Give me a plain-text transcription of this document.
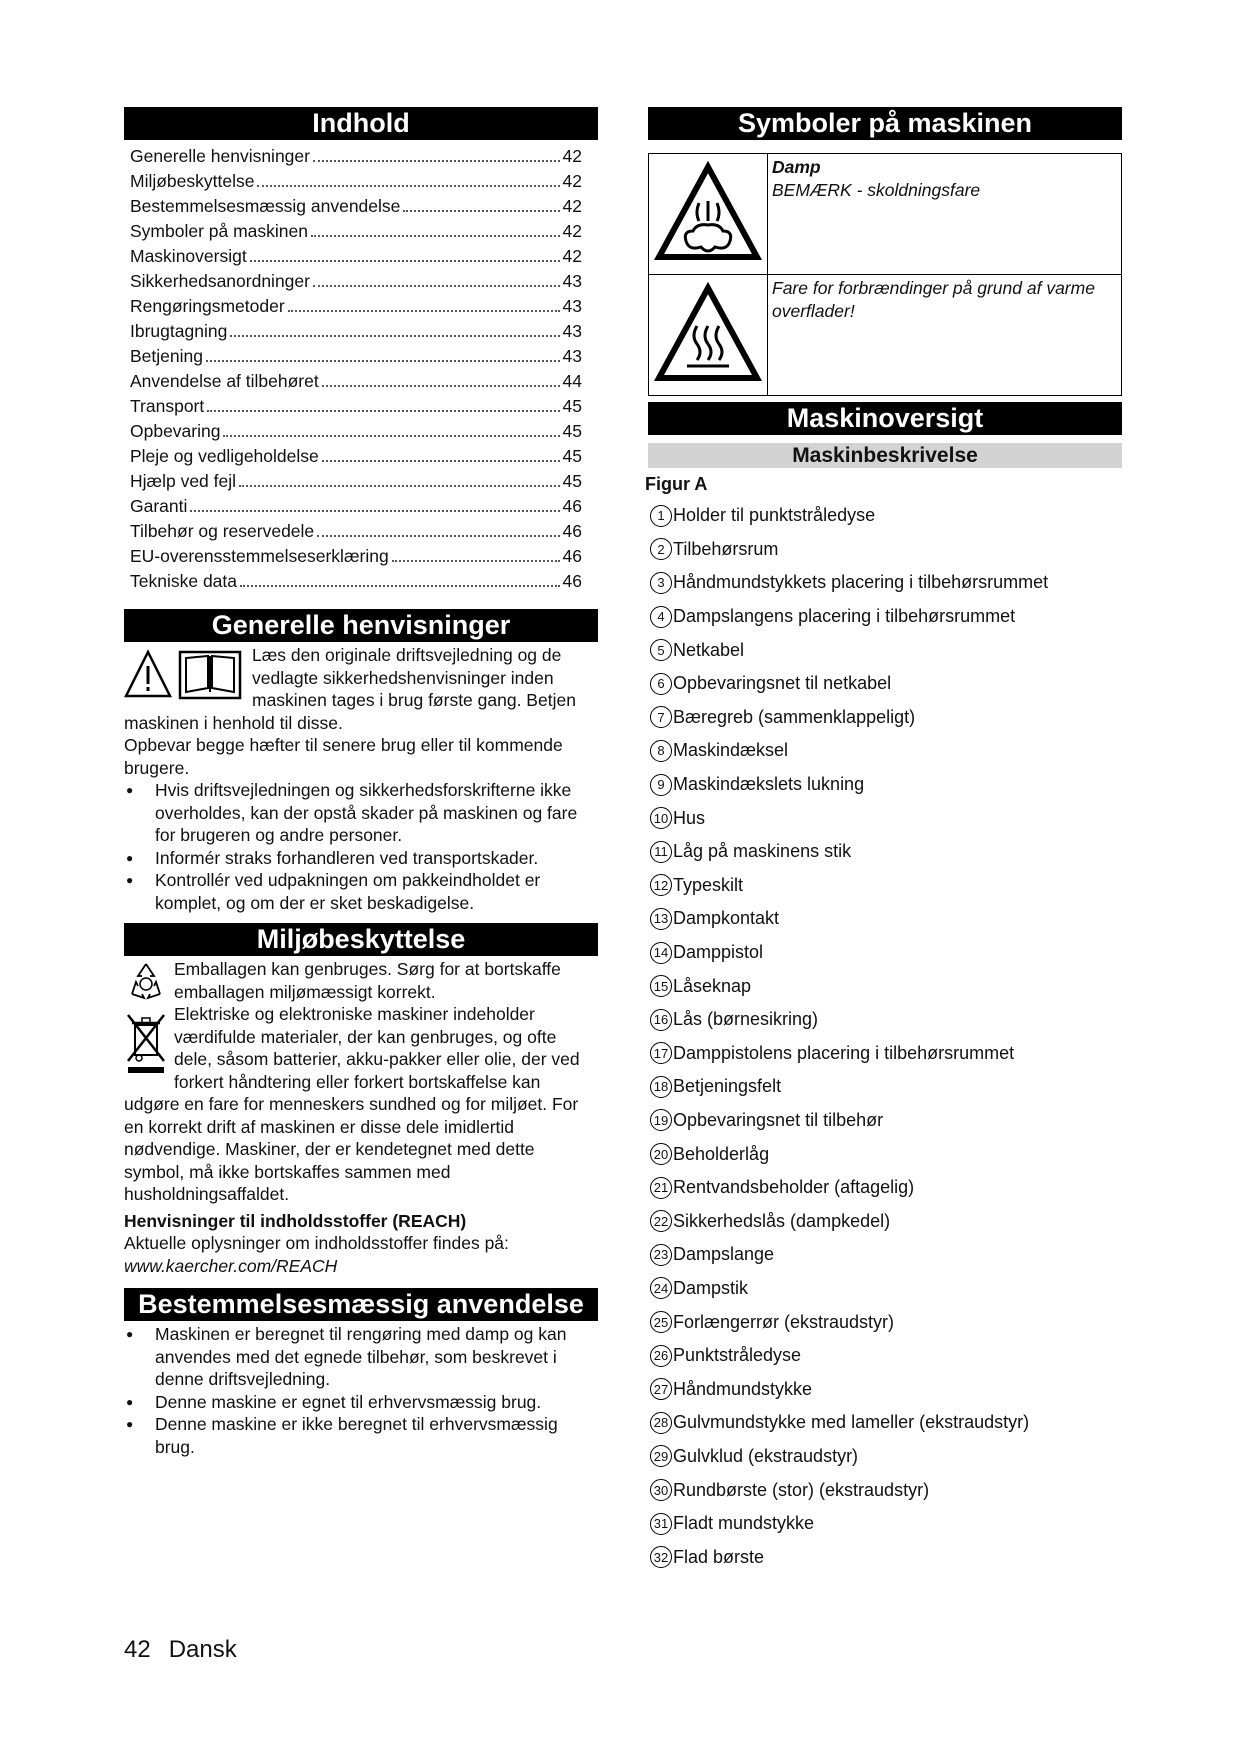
Indhold
Generelle henvisninger	42
Miljøbeskyttelse	42
Bestemmelsesmæssig anvendelse	42
Symboler på maskinen	42
Maskinoversigt	42
Sikkerhedsanordninger	43
Rengøringsmetoder	43
Ibrugtagning	43
Betjening	43
Anvendelse af tilbehøret	44
Transport	45
Opbevaring	45
Pleje og vedligeholdelse	45
Hjælp ved fejl	45
Garanti	46
Tilbehør og reservedele	46
EU-overensstemmelseserklæring	46
Tekniske data	46
Generelle henvisninger

Læs den originale driftsvejledning og de vedlagte sikkerhedshenvisninger inden maskinen tages i brug første gang. Betjen maskinen i henhold til disse.

Opbevar begge hæfter til senere brug eller til kommende brugere.

● Hvis driftsvejledningen og sikkerhedsforskrifterne ikke overholdes, kan der opstå skader på maskinen og fare for brugeren og andre personer.
● Informér straks forhandleren ved transportskader.
● Kontrollér ved udpakningen om pakkeindholdet er komplet, og om der er sket beskadigelse.
Miljøbeskyttelse

Emballagen kan genbruges. Sørg for at bortskaffe emballagen miljømæssigt korrekt.

Elektriske og elektroniske maskiner indeholder værdifulde materialer, der kan genbruges, og ofte dele, såsom batterier, akku-pakker eller olie, der ved forkert håndtering eller forkert bortskaffelse kan udgøre en fare for menneskers sundhed og for miljøet. For en korrekt drift af maskinen er disse dele imidlertid nødvendige. Maskiner, der er kendetegnet med dette symbol, må ikke bortskaffes sammen med husholdningsaffaldet.

Henvisninger til indholdsstoffer (REACH)

Aktuelle oplysninger om indholdsstoffer findes på:

www.kaercher.com/REACH

Bestemmelsesmæssig anvendelse
● Maskinen er beregnet til rengøring med damp og kan anvendes med det egnede tilbehør, som beskrevet i denne driftsvejledning.
● Denne maskine er egnet til erhvervsmæssig brug.
● Denne maskine er ikke beregnet til erhvervsmæssig brug.
Symboler på maskinen
Damp
BEMÆRK - skoldningsfare
Fare for forbrændinger på grund af varme overflader!
Maskinoversigt
Maskinbeskrivelse
Figur A
1 Holder til punktstråledyse
2 Tilbehørsrum
3 Håndmundstykkets placering i tilbehørsrummet
4 Dampslangens placering i tilbehørsrummet
5 Netkabel
6 Opbevaringsnet til netkabel
7 Bæregreb (sammenklappeligt)
8 Maskindæksel
9 Maskindækslets lukning
10 Hus
11 Låg på maskinens stik
12 Typeskilt
13 Dampkontakt
14 Damppistol
15 Låseknap
16 Lås (børnesikring)
17 Damppistolens placering i tilbehørsrummet
18 Betjeningsfelt
19 Opbevaringsnet til tilbehør
20 Beholderlåg
21 Rentvandsbeholder (aftagelig)
22 Sikkerhedslås (dampkedel)
23 Dampslange
24 Dampstik
25 Forlængerrør (ekstraudstyr)
26 Punktstråledyse
27 Håndmundstykke
28 Gulvmundstykke med lameller (ekstraudstyr)
29 Gulvklud (ekstraudstyr)
30 Rundbørste (stor) (ekstraudstyr)
31 Fladt mundstykke
32 Flad børste
42 Dansk
